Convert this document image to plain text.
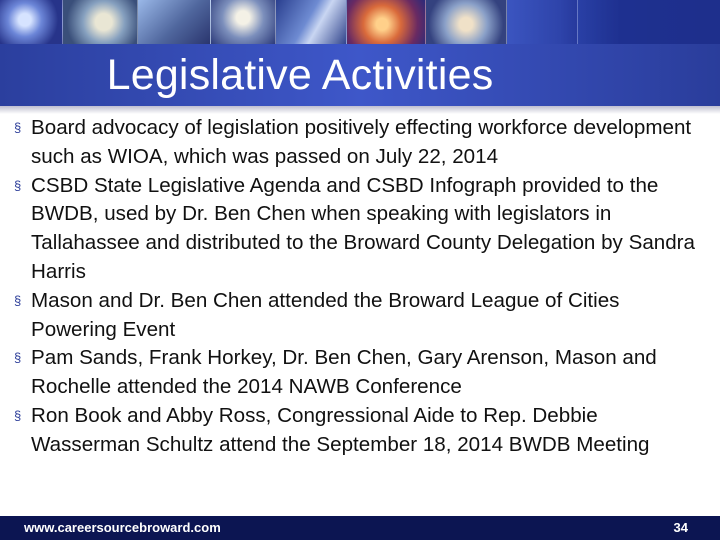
Legislative Activities
§ Board advocacy of legislation positively effecting workforce development such as WIOA, which was passed on July 22, 2014
§ CSBD State Legislative Agenda and CSBD Infograph provided to the BWDB, used by Dr. Ben Chen when speaking with legislators in Tallahassee and distributed to the Broward County Delegation by Sandra Harris
§ Mason and Dr. Ben Chen attended the Broward League of Cities Powering Event
§ Pam Sands, Frank Horkey, Dr. Ben Chen, Gary Arenson, Mason and Rochelle attended the 2014 NAWB Conference
§ Ron Book and Abby Ross, Congressional Aide to Rep. Debbie Wasserman Schultz attend the September 18, 2014 BWDB Meeting
www.careersourcebroward.com	34
